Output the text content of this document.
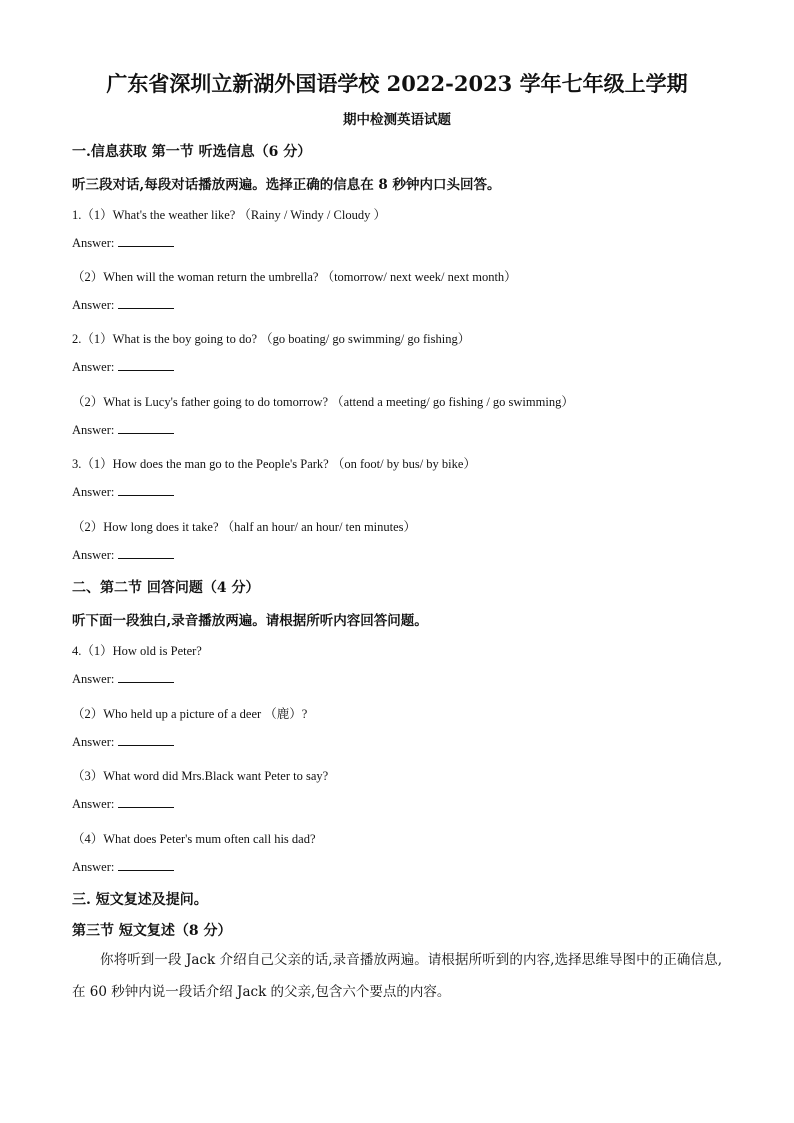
广东省深圳立新湖外国语学校 2022-2023 学年七年级上学期
期中检测英语试题
一.信息获取 第一节 听选信息（6 分）
听三段对话,每段对话播放两遍。选择正确的信息在 8 秒钟内口头回答。
1.（1）What's the weather like? （Rainy / Windy / Cloudy ）
Answer:
（2）When will the woman return the umbrella? （tomorrow/ next week/ next month）
Answer:
2.（1）What is the boy going to do? （go boating/ go swimming/ go fishing）
Answer:
（2）What is Lucy's father going to do tomorrow? （attend a meeting/ go fishing / go swimming）
Answer:
3.（1）How does the man go to the People's Park? （on foot/ by bus/ by bike）
Answer:
（2）How long does it take? （half an hour/ an hour/ ten minutes）
Answer:
二、第二节 回答问题（4 分）
听下面一段独白,录音播放两遍。请根据所听内容回答问题。
4.（1）How old is Peter?
Answer:
（2）Who held up a picture of a deer （鹿）?
Answer:
（3）What word did Mrs.Black want Peter to say?
Answer:
（4）What does Peter's mum often call his dad?
Answer:
三. 短文复述及提问。
第三节 短文复述（8 分）
你将听到一段 Jack 介绍自己父亲的话,录音播放两遍。请根据所听到的内容,选择思维导图中的正确信息,在 60 秒钟内说一段话介绍 Jack 的父亲,包含六个要点的内容。
